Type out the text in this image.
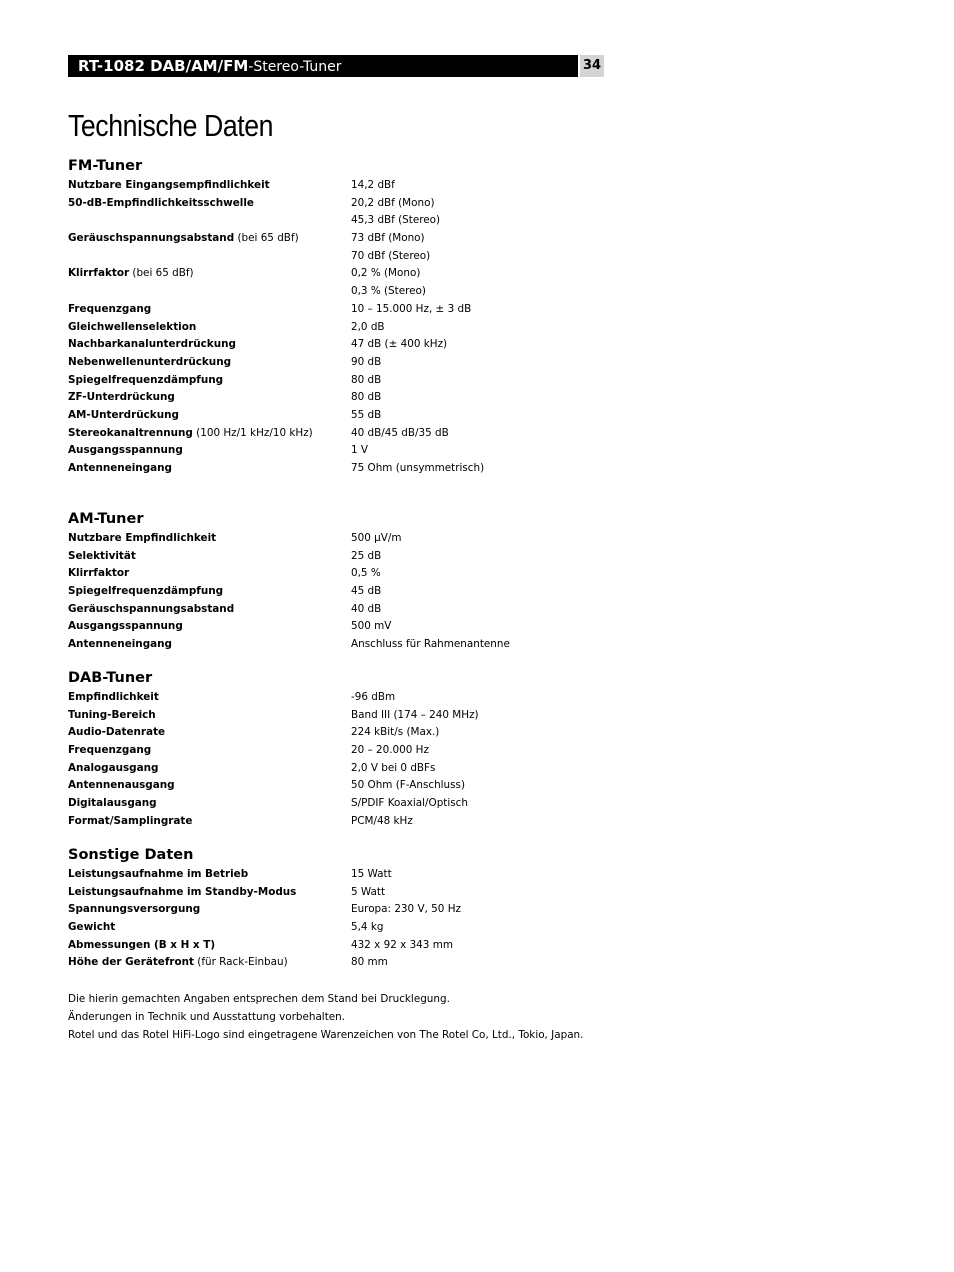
RT-1082 DAB/AM/FM-Stereo-Tuner	34
Technische Daten
FM-Tuner
Nutzbare Eingangsempfindlichkeit	14,2 dBf
50-dB-Empfindlichkeitsschwelle	20,2 dBf (Mono)
45,3 dBf (Stereo)
Geräuschspannungsabstand (bei 65 dBf)	73 dBf (Mono)
70 dBf (Stereo)
Klirrfaktor (bei 65 dBf)	0,2 % (Mono)
0,3 % (Stereo)
Frequenzgang	10 – 15.000 Hz, ± 3 dB
Gleichwellenselektion	2,0 dB
Nachbarkanalunterdrückung	47 dB (± 400 kHz)
Nebenwellenunterdrückung	90 dB
Spiegelfrequenzdämpfung	80 dB
ZF-Unterdrückung	80 dB
AM-Unterdrückung	55 dB
Stereokanaltrennung (100 Hz/1 kHz/10 kHz)	40 dB/45 dB/35 dB
Ausgangsspannung	1 V
Antenneneingang	75 Ohm (unsymmetrisch)
AM-Tuner
Nutzbare Empfindlichkeit	500 µV/m
Selektivität	25 dB
Klirrfaktor	0,5 %
Spiegelfrequenzdämpfung	45 dB
Geräuschspannungsabstand	40 dB
Ausgangsspannung	500 mV
Antenneneingang	Anschluss für Rahmenantenne
DAB-Tuner
Empfindlichkeit	-96 dBm
Tuning-Bereich	Band III (174 – 240 MHz)
Audio-Datenrate	224 kBit/s (Max.)
Frequenzgang	20 – 20.000 Hz
Analogausgang	2,0 V bei 0 dBFs
Antennenausgang	50 Ohm (F-Anschluss)
Digitalausgang	S/PDIF Koaxial/Optisch
Format/Samplingrate	PCM/48 kHz
Sonstige Daten
Leistungsaufnahme im Betrieb	15 Watt
Leistungsaufnahme im Standby-Modus	5 Watt
Spannungsversorgung	Europa: 230 V, 50 Hz
Gewicht	5,4 kg
Abmessungen (B x H x T)	432 x 92 x 343 mm
Höhe der Gerätefront (für Rack-Einbau)	80 mm
Die hierin gemachten Angaben entsprechen dem Stand bei Drucklegung.
Änderungen in Technik und Ausstattung vorbehalten.
Rotel und das Rotel HiFi-Logo sind eingetragene Warenzeichen von The Rotel Co, Ltd., Tokio, Japan.
